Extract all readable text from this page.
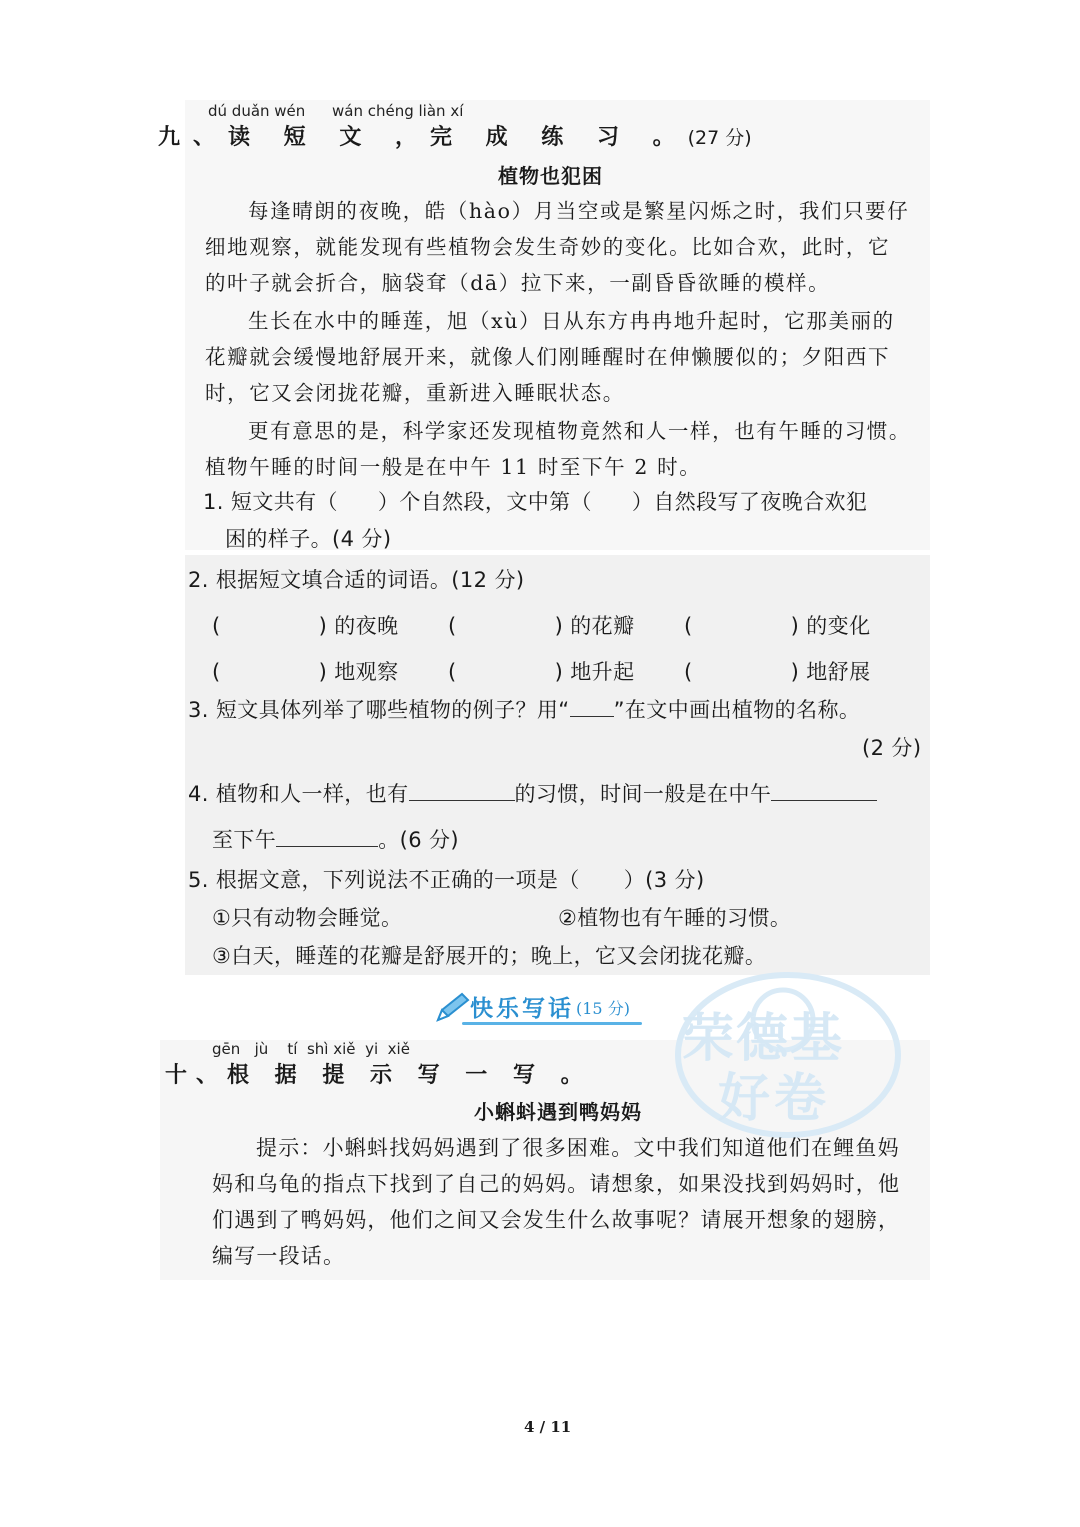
荣德基
好卷
dú duǎn wén wán chéng liàn xí
九、读 短 文 ，完 成 练 习 。(27 分)
植物也犯困
每逢晴朗的夜晚，皓（hào）月当空或是繁星闪烁之时，我们只要仔
细地观察，就能发现有些植物会发生奇妙的变化。比如合欢，此时，它
的叶子就会折合，脑袋耷（dā）拉下来，一副昏昏欲睡的模样。
生长在水中的睡莲，旭（xù）日从东方冉冉地升起时，它那美丽的
花瓣就会缓慢地舒展开来，就像人们刚睡醒时在伸懒腰似的；夕阳西下
时，它又会闭拢花瓣，重新进入睡眠状态。
更有意思的是，科学家还发现植物竟然和人一样，也有午睡的习惯。
植物午睡的时间一般是在中午 11 时至下午 2 时。
1. 短文共有（ ）个自然段，文中第（ ）自然段写了夜晚合欢犯
困的样子。(4 分)
2. 根据短文填合适的词语。(12 分)
(	) 的夜晚 (	) 的花瓣 (	) 的变化
(	) 地观察 (	) 地升起 (	) 地舒展
3. 短文具体列举了哪些植物的例子？用“ ”在文中画出植物的名称。
(2 分)
4. 植物和人一样，也有	的习惯，时间一般是在中午
至下午	。(6 分)
5. 根据文意，下列说法不正确的一项是（ ）(3 分)
①只有动物会睡觉。	②植物也有午睡的习惯。
③白天，睡莲的花瓣是舒展开的；晚上，它又会闭拢花瓣。
快乐写话 (15 分)
gēn jù tí shì xiě yi xiě
十、根 据 提 示 写 一 写 。
小蝌蚪遇到鸭妈妈
提示：小蝌蚪找妈妈遇到了很多困难。文中我们知道他们在鲤鱼妈
妈和乌龟的指点下找到了自己的妈妈。请想象，如果没找到妈妈时，他
们遇到了鸭妈妈，他们之间又会发生什么故事呢？请展开想象的翅膀，
编写一段话。
4 / 11
